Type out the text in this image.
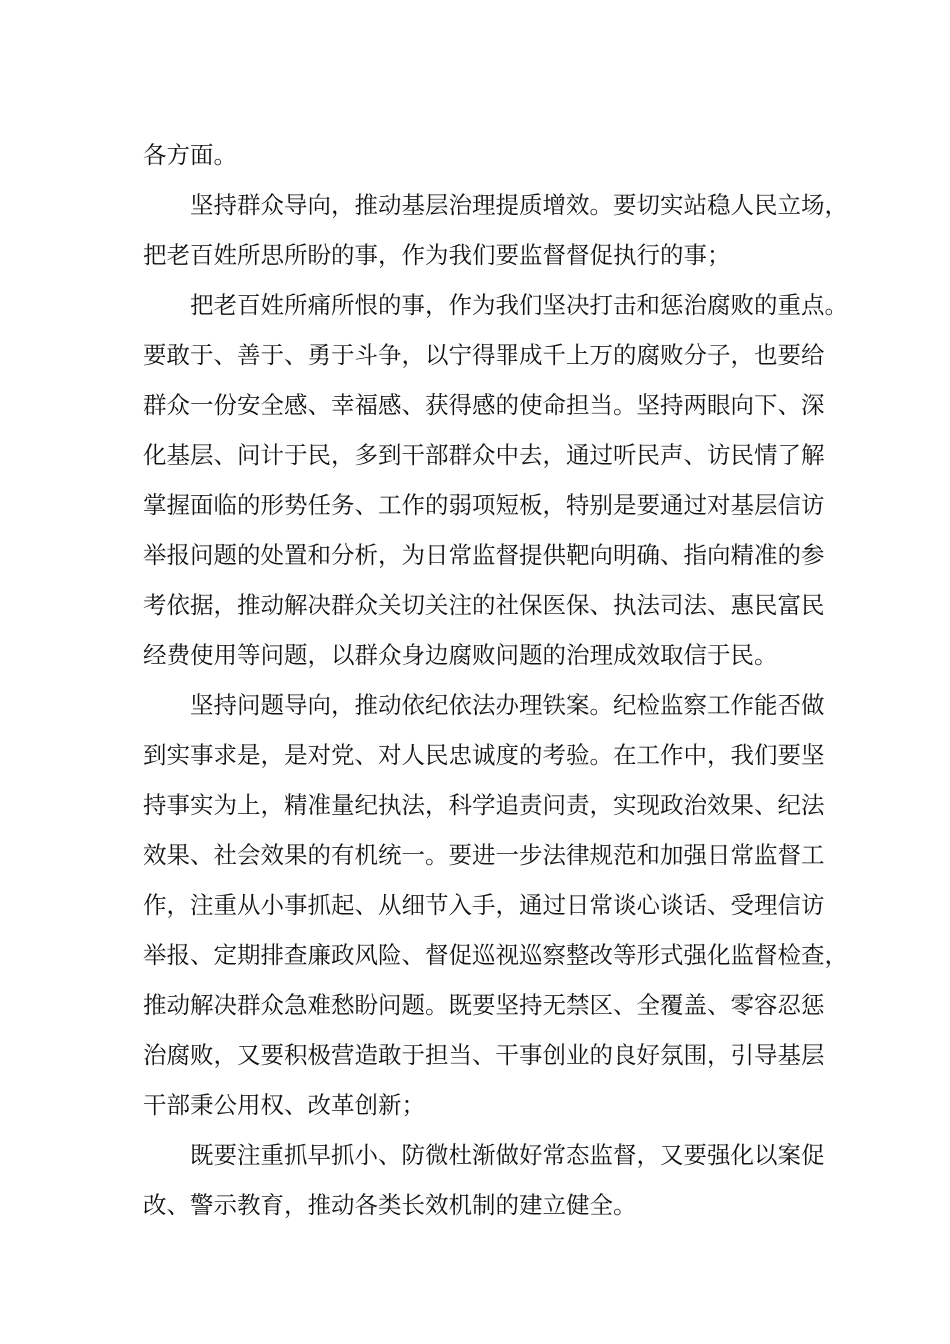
各方面。
坚持群众导向，推动基层治理提质增效。要切实站稳人民立场，
把老百姓所思所盼的事，作为我们要监督督促执行的事；
把老百姓所痛所恨的事，作为我们坚决打击和惩治腐败的重点。
要敢于、善于、勇于斗争，以宁得罪成千上万的腐败分子，也要给
群众一份安全感、幸福感、获得感的使命担当。坚持两眼向下、深
化基层、问计于民，多到干部群众中去，通过听民声、访民情了解
掌握面临的形势任务、工作的弱项短板，特别是要通过对基层信访
举报问题的处置和分析，为日常监督提供靶向明确、指向精准的参
考依据，推动解决群众关切关注的社保医保、执法司法、惠民富民
经费使用等问题，以群众身边腐败问题的治理成效取信于民。
坚持问题导向，推动依纪依法办理铁案。纪检监察工作能否做
到实事求是，是对党、对人民忠诚度的考验。在工作中，我们要坚
持事实为上，精准量纪执法，科学追责问责，实现政治效果、纪法
效果、社会效果的有机统一。要进一步法律规范和加强日常监督工
作，注重从小事抓起、从细节入手，通过日常谈心谈话、受理信访
举报、定期排查廉政风险、督促巡视巡察整改等形式强化监督检查，
推动解决群众急难愁盼问题。既要坚持无禁区、全覆盖、零容忍惩
治腐败，又要积极营造敢于担当、干事创业的良好氛围，引导基层
干部秉公用权、改革创新；
既要注重抓早抓小、防微杜渐做好常态监督，又要强化以案促
改、警示教育，推动各类长效机制的建立健全。
